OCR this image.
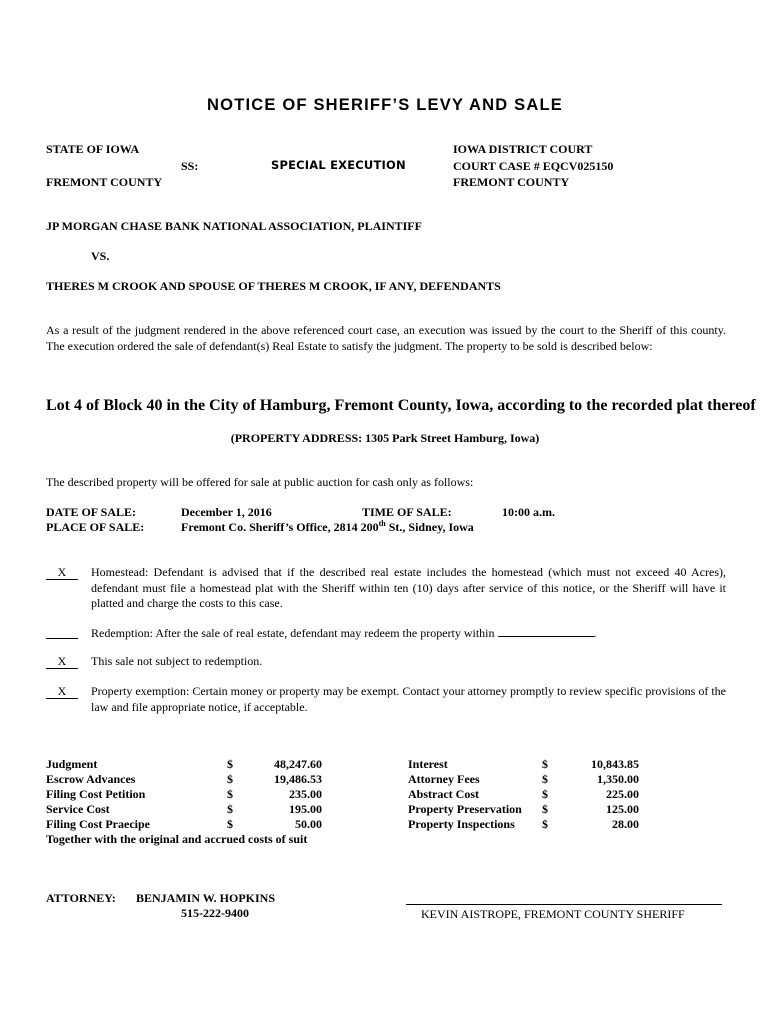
NOTICE OF SHERIFF’S LEVY AND SALE
STATE OF IOWA
SS:
FREMONT COUNTY
SPECIAL EXECUTION
IOWA DISTRICT COURT
COURT CASE # EQCV025150
FREMONT COUNTY
JP MORGAN CHASE BANK NATIONAL ASSOCIATION, PLAINTIFF
VS.
THERES M CROOK AND SPOUSE OF THERES M CROOK, IF ANY, DEFENDANTS
As a result of the judgment rendered in the above referenced court case, an execution was issued by the court to the Sheriff of this county. The execution ordered the sale of defendant(s) Real Estate to satisfy the judgment. The property to be sold is described below:
Lot 4 of Block 40 in the City of Hamburg, Fremont County, Iowa, according to the recorded plat thereof
(PROPERTY ADDRESS: 1305 Park Street Hamburg, Iowa)
The described property will be offered for sale at public auction for cash only as follows:
DATE OF SALE:	December 1, 2016	TIME OF SALE:	10:00 a.m.
PLACE OF SALE:	Fremont Co. Sheriff’s Office, 2814 200th St., Sidney, Iowa
X	Homestead: Defendant is advised that if the described real estate includes the homestead (which must not exceed 40 Acres), defendant must file a homestead plat with the Sheriff within ten (10) days after service of this notice, or the Sheriff will have it platted and charge the costs to this case.
Redemption: After the sale of real estate, defendant may redeem the property within	.
X	This sale not subject to redemption.
X	Property exemption: Certain money or property may be exempt. Contact your attorney promptly to review specific provisions of the law and file appropriate notice, if acceptable.
Judgment	$	48,247.60
Escrow Advances	$	19,486.53
Filing Cost Petition	$	235.00
Service Cost	$	195.00
Filing Cost Praecipe	$	50.00
Together with the original and accrued costs of suit
Interest	$	10,843.85
Attorney Fees	$	1,350.00
Abstract Cost	$	225.00
Property Preservation $	125.00
Property Inspections $	28.00
ATTORNEY: BENJAMIN W. HOPKINS
515-222-9400	KEVIN AISTROPE, FREMONT COUNTY SHERIFF
